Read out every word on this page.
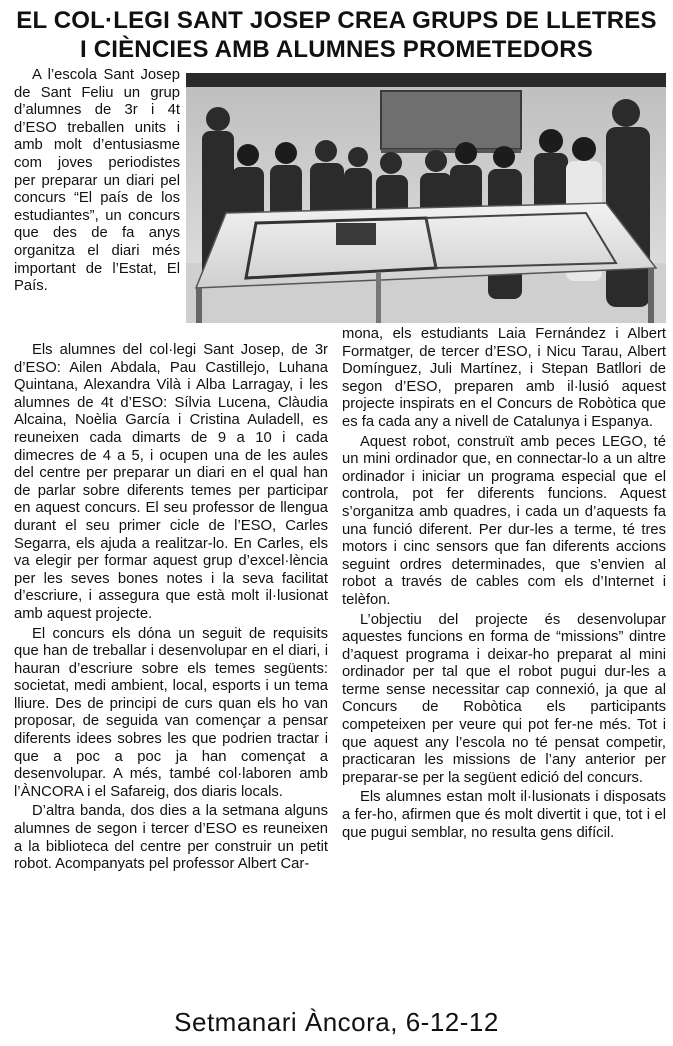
EL COL·LEGI SANT JOSEP CREA GRUPS DE LLETRES
I CIÈNCIES AMB ALUMNES PROMETEDORS

A l’escola Sant Josep de Sant Feliu un grup d’alumnes de 3r i 4t d’ESO treballen units i amb molt d’entusiasme com joves periodistes per preparar un diari pel concurs “El país de los estudiantes”, un concurs que des de fa anys organitza el diari més important de l’Estat, El País.

Els alumnes del col·legi Sant Josep, de 3r d’ESO: Ailen Abdala, Pau Castillejo, Luhana Quintana, Alexandra Vilà i Alba Larragay, i les alumnes de 4t d’ESO: Sílvia Lucena, Clàudia Alcaina, Noèlia García i Cristina Auladell, es reuneixen cada dimarts de 9 a 10 i cada dimecres de 4 a 5, i ocupen una de les aules del centre per preparar un diari en el qual han de parlar sobre diferents temes per participar en aquest concurs. El seu professor de llengua durant el seu primer cicle de l’ESO, Carles Segarra, els ajuda a realitzar-lo. En Carles, els va elegir per formar aquest grup d’excel·lència per les seves bones notes i la seva facilitat d’escriure, i assegura que està molt il·lusionat amb aquest projecte.

El concurs els dóna un seguit de requisits que han de treballar i desenvolupar en el diari, i hauran d’escriure sobre els temes següents: societat, medi ambient, local, esports i un tema lliure. Des de principi de curs quan els ho van proposar, de seguida van començar a pensar diferents idees sobres les que podrien tractar i que a poc a poc ja han començat a desenvolupar. A més, també col·laboren amb l’ÀNCORA i el Safareig, dos diaris locals.

D’altra banda, dos dies a la setmana alguns alumnes de segon i tercer d’ESO es reuneixen a la biblioteca del centre per construir un petit robot. Acompanyats pel professor Albert Car-

mona, els estudiants Laia Fernández i Albert Formatger, de tercer d’ESO, i Nicu Tarau, Albert Domínguez, Juli Martínez, i Stepan Batllori de segon d’ESO, preparen amb il·lusió aquest projecte inspirats en el Concurs de Robòtica que es fa cada any a nivell de Catalunya i Espanya.

Aquest robot, construït amb peces LEGO, té un mini ordinador que, en connectar-lo a un altre ordinador i iniciar un programa especial que el controla, pot fer diferents funcions. Aquest s’organitza amb quadres, i cada un d’aquests fa una funció diferent. Per dur-les a terme, té tres motors i cinc sensors que fan diferents accions seguint ordres determinades, que s’envien al robot a través de cables com els d’Internet i telèfon.

L’objectiu del projecte és desenvolupar aquestes funcions en forma de “missions” dintre d’aquest programa i deixar-ho preparat al mini ordinador per tal que el robot pugui dur-les a terme sense necessitar cap connexió, ja que al Concurs de Robòtica els participants competeixen per veure qui pot fer-ne més. Tot i que aquest any l’escola no té pensat competir, practicaran les missions de l’any anterior per preparar-se per la següent edició del concurs.

Els alumnes estan molt il·lusionats i disposats a fer-ho, afirmen que és molt divertit i que, tot i el que pugui semblar, no resulta gens difícil.

Setmanari Àncora, 6-12-12
